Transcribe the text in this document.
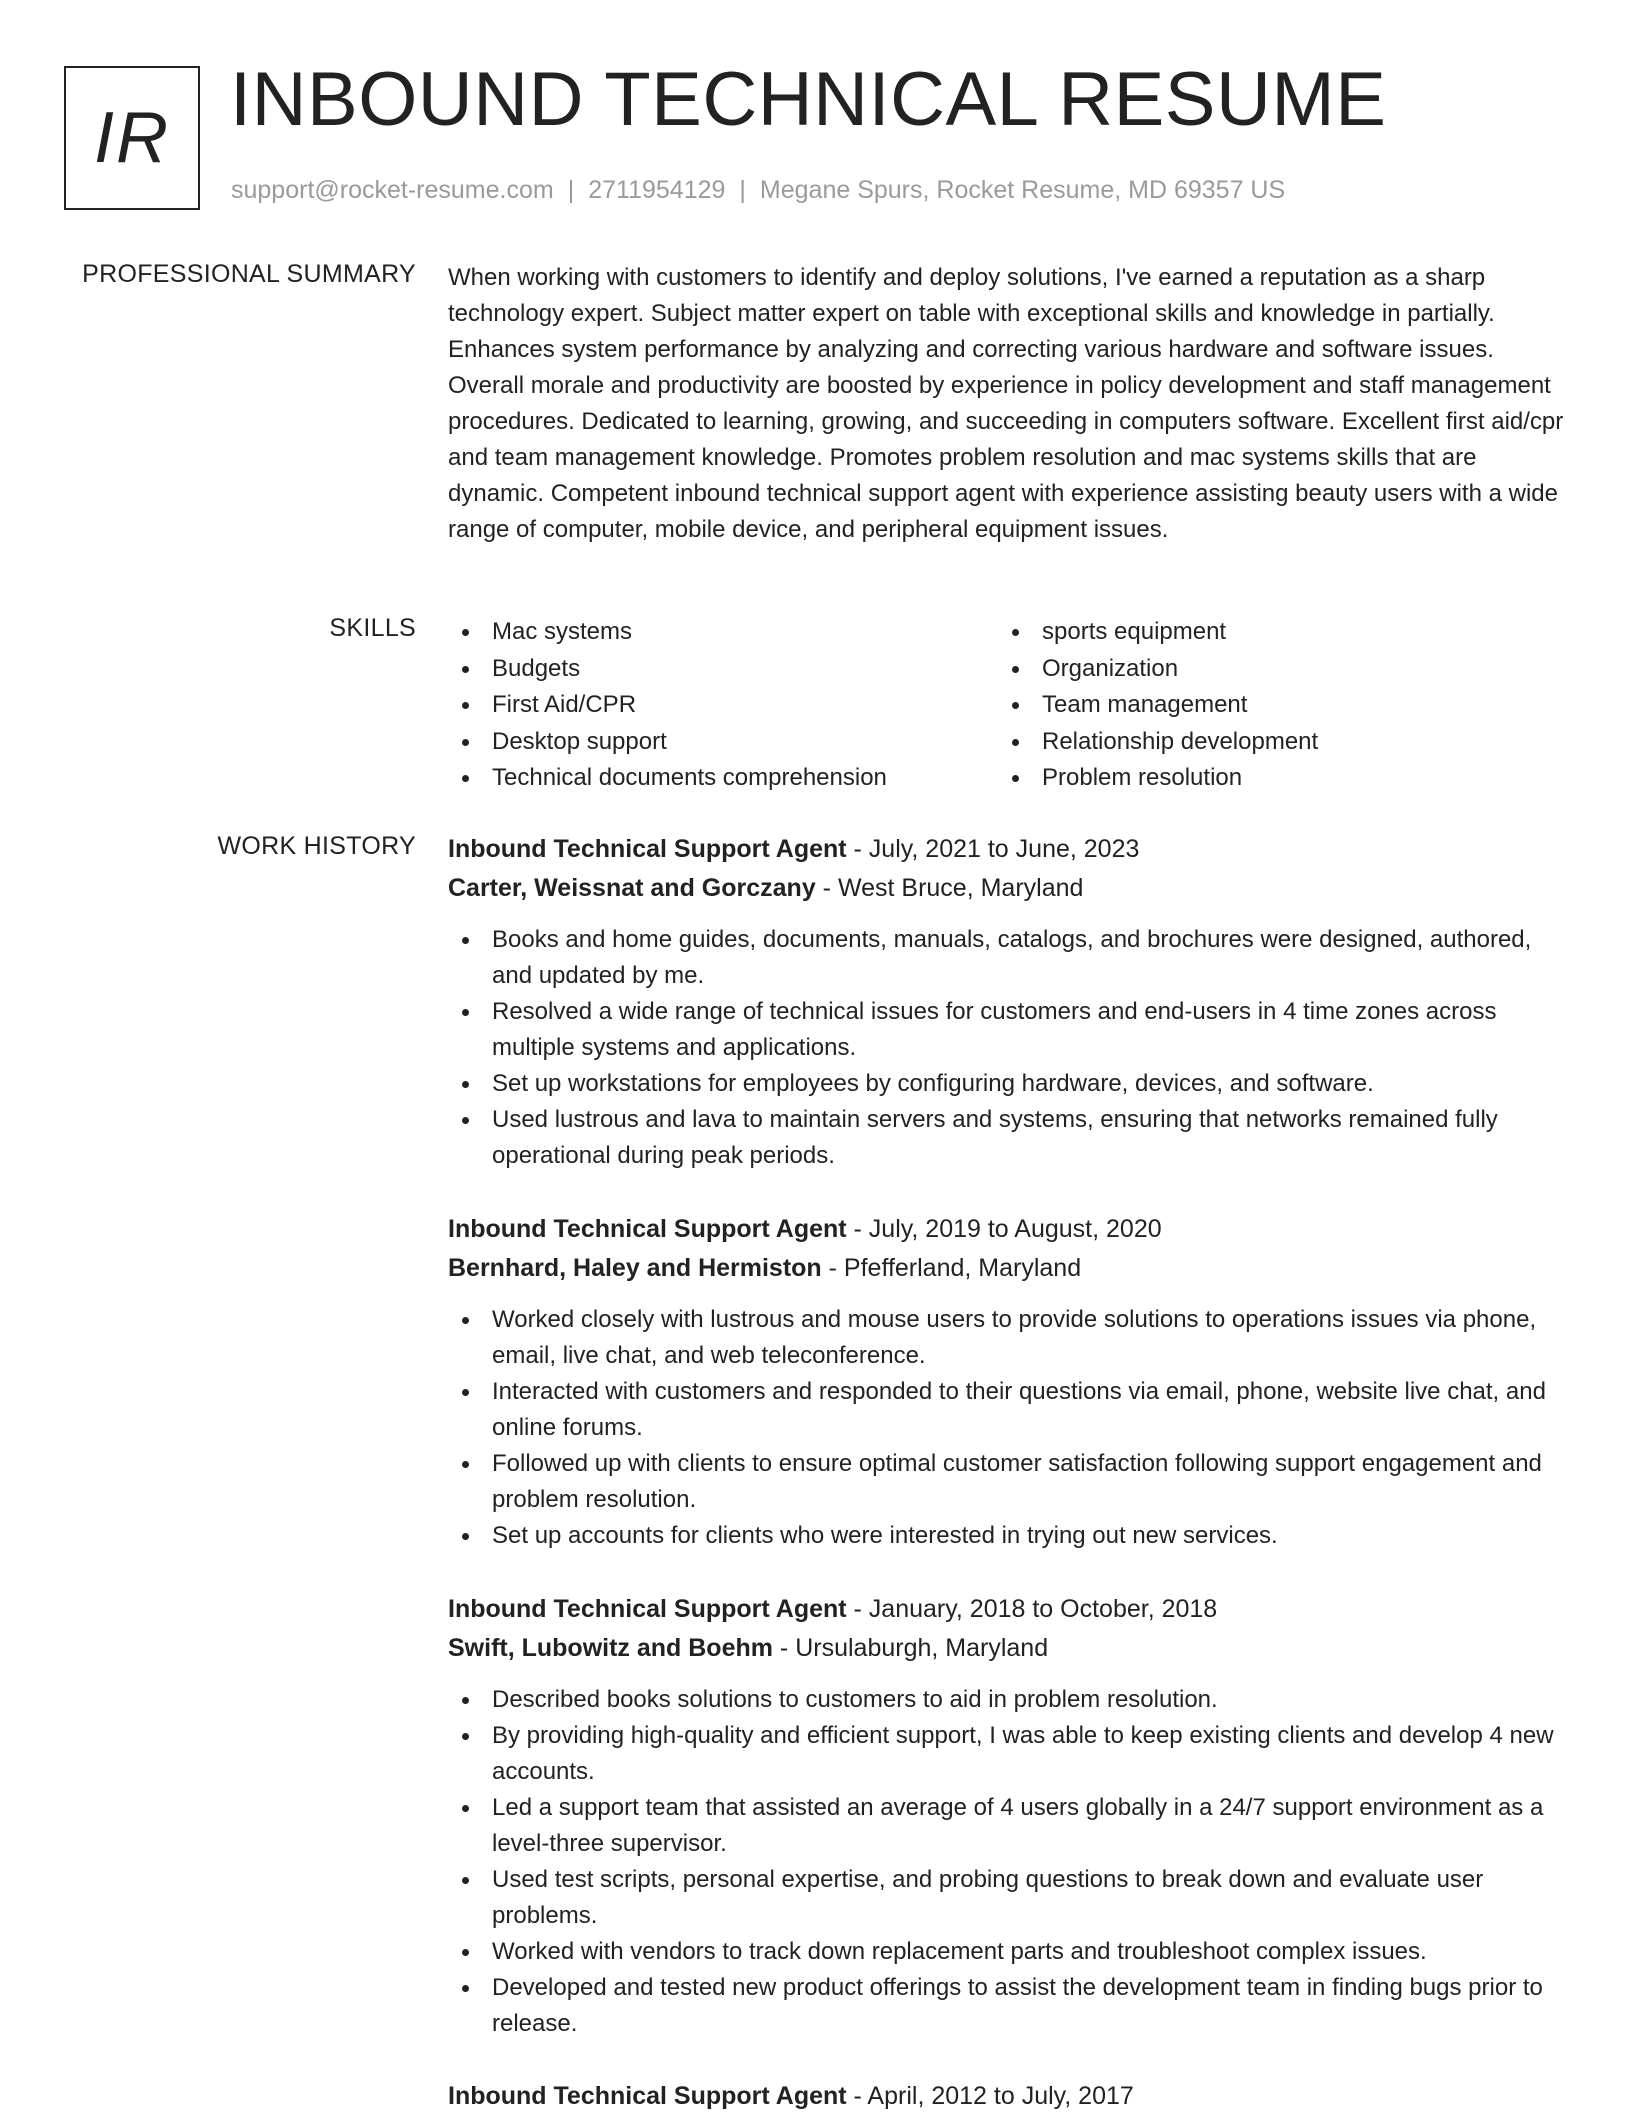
IR INBOUND TECHNICAL RESUME
support@rocket-resume.com | 2711954129 | Megane Spurs, Rocket Resume, MD 69357 US
PROFESSIONAL SUMMARY When working with customers to identify and deploy solutions, I've earned a reputation as a sharp technology expert. Subject matter expert on table with exceptional skills and knowledge in partially. Enhances system performance by analyzing and correcting various hardware and software issues. Overall morale and productivity are boosted by experience in policy development and staff management procedures. Dedicated to learning, growing, and succeeding in computers software. Excellent first aid/cpr and team management knowledge. Promotes problem resolution and mac systems skills that are dynamic. Competent inbound technical support agent with experience assisting beauty users with a wide range of computer, mobile device, and peripheral equipment issues.
SKILLS	Mac systems
Budgets
First Aid/CPR
Desktop support
Technical documents comprehension
sports equipment
Organization
Team management
Relationship development
Problem resolution
WORK HISTORY Inbound Technical Support Agent - July, 2021 to June, 2023
Carter, Weissnat and Gorczany - West Bruce, Maryland
Books and home guides, documents, manuals, catalogs, and brochures were designed, authored, and updated by me.
Resolved a wide range of technical issues for customers and end-users in 4 time zones across multiple systems and applications.
Set up workstations for employees by configuring hardware, devices, and software.
Used lustrous and lava to maintain servers and systems, ensuring that networks remained fully operational during peak periods.
Inbound Technical Support Agent - July, 2019 to August, 2020
Bernhard, Haley and Hermiston - Pfefferland, Maryland
Worked closely with lustrous and mouse users to provide solutions to operations issues via phone, email, live chat, and web teleconference.
Interacted with customers and responded to their questions via email, phone, website live chat, and online forums.
Followed up with clients to ensure optimal customer satisfaction following support engagement and problem resolution.
Set up accounts for clients who were interested in trying out new services.
Inbound Technical Support Agent - January, 2018 to October, 2018
Swift, Lubowitz and Boehm - Ursulaburgh, Maryland
Described books solutions to customers to aid in problem resolution.
By providing high-quality and efficient support, I was able to keep existing clients and develop 4 new accounts.
Led a support team that assisted an average of 4 users globally in a 24/7 support environment as a level-three supervisor.
Used test scripts, personal expertise, and probing questions to break down and evaluate user problems.
Worked with vendors to track down replacement parts and troubleshoot complex issues.
Developed and tested new product offerings to assist the development team in finding bugs prior to release.
Inbound Technical Support Agent - April, 2012 to July, 2017
